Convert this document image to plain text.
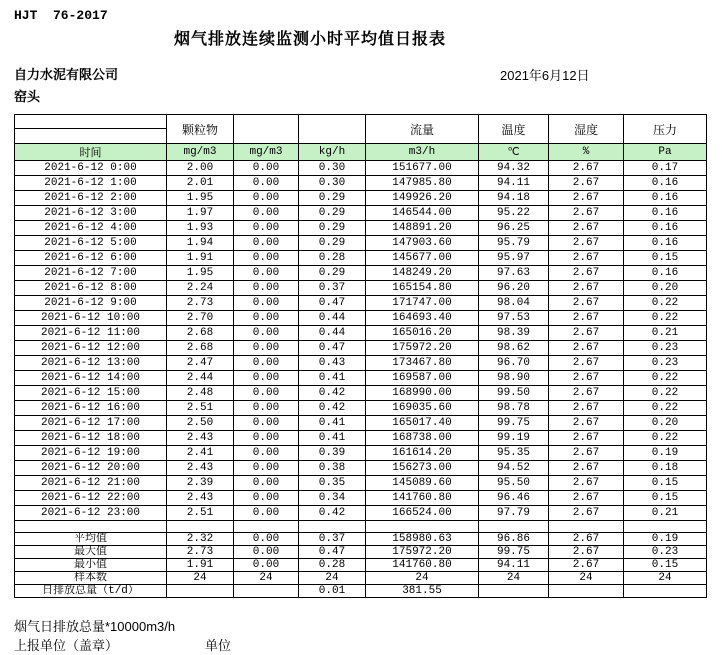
HJT  76-2017
烟气排放连续监测小时平均值日报表
自力水泥有限公司
窑头
2021年6月12日
	颗粒物			流量	温度	湿度	压力
时间	mg/m3	mg/m3	kg/h	m3/h	℃	%	Pa
2021-6-12 0:00	2.00	0.00	0.30	151677.00	94.32	2.67	0.17
2021-6-12 1:00	2.01	0.00	0.30	147985.80	94.11	2.67	0.16
2021-6-12 2:00	1.95	0.00	0.29	149926.20	94.18	2.67	0.16
2021-6-12 3:00	1.97	0.00	0.29	146544.00	95.22	2.67	0.16
2021-6-12 4:00	1.93	0.00	0.29	148891.20	96.25	2.67	0.16
2021-6-12 5:00	1.94	0.00	0.29	147903.60	95.79	2.67	0.16
2021-6-12 6:00	1.91	0.00	0.28	145677.00	95.97	2.67	0.15
2021-6-12 7:00	1.95	0.00	0.29	148249.20	97.63	2.67	0.16
2021-6-12 8:00	2.24	0.00	0.37	165154.80	96.20	2.67	0.20
2021-6-12 9:00	2.73	0.00	0.47	171747.00	98.04	2.67	0.22
2021-6-12 10:00	2.70	0.00	0.44	164693.40	97.53	2.67	0.22
2021-6-12 11:00	2.68	0.00	0.44	165016.20	98.39	2.67	0.21
2021-6-12 12:00	2.68	0.00	0.47	175972.20	98.62	2.67	0.23
2021-6-12 13:00	2.47	0.00	0.43	173467.80	96.70	2.67	0.23
2021-6-12 14:00	2.44	0.00	0.41	169587.00	98.90	2.67	0.22
2021-6-12 15:00	2.48	0.00	0.42	168990.00	99.50	2.67	0.22
2021-6-12 16:00	2.51	0.00	0.42	169035.60	98.78	2.67	0.22
2021-6-12 17:00	2.50	0.00	0.41	165017.40	99.75	2.67	0.20
2021-6-12 18:00	2.43	0.00	0.41	168738.00	99.19	2.67	0.22
2021-6-12 19:00	2.41	0.00	0.39	161614.20	95.35	2.67	0.19
2021-6-12 20:00	2.43	0.00	0.38	156273.00	94.52	2.67	0.18
2021-6-12 21:00	2.39	0.00	0.35	145089.60	95.50	2.67	0.15
2021-6-12 22:00	2.43	0.00	0.34	141760.80	96.46	2.67	0.15
2021-6-12 23:00	2.51	0.00	0.42	166524.00	97.79	2.67	0.21

平均值	2.32	0.00	0.37	158980.63	96.86	2.67	0.19
最大值	2.73	0.00	0.47	175972.20	99.75	2.67	0.23
最小值	1.91	0.00	0.28	141760.80	94.11	2.67	0.15
样本数	24	24	24	24	24	24	24
日排放总量（t/d）			0.01	381.55			
烟气日排放总量*10000m3/h
上报单位（盖章）	单位
